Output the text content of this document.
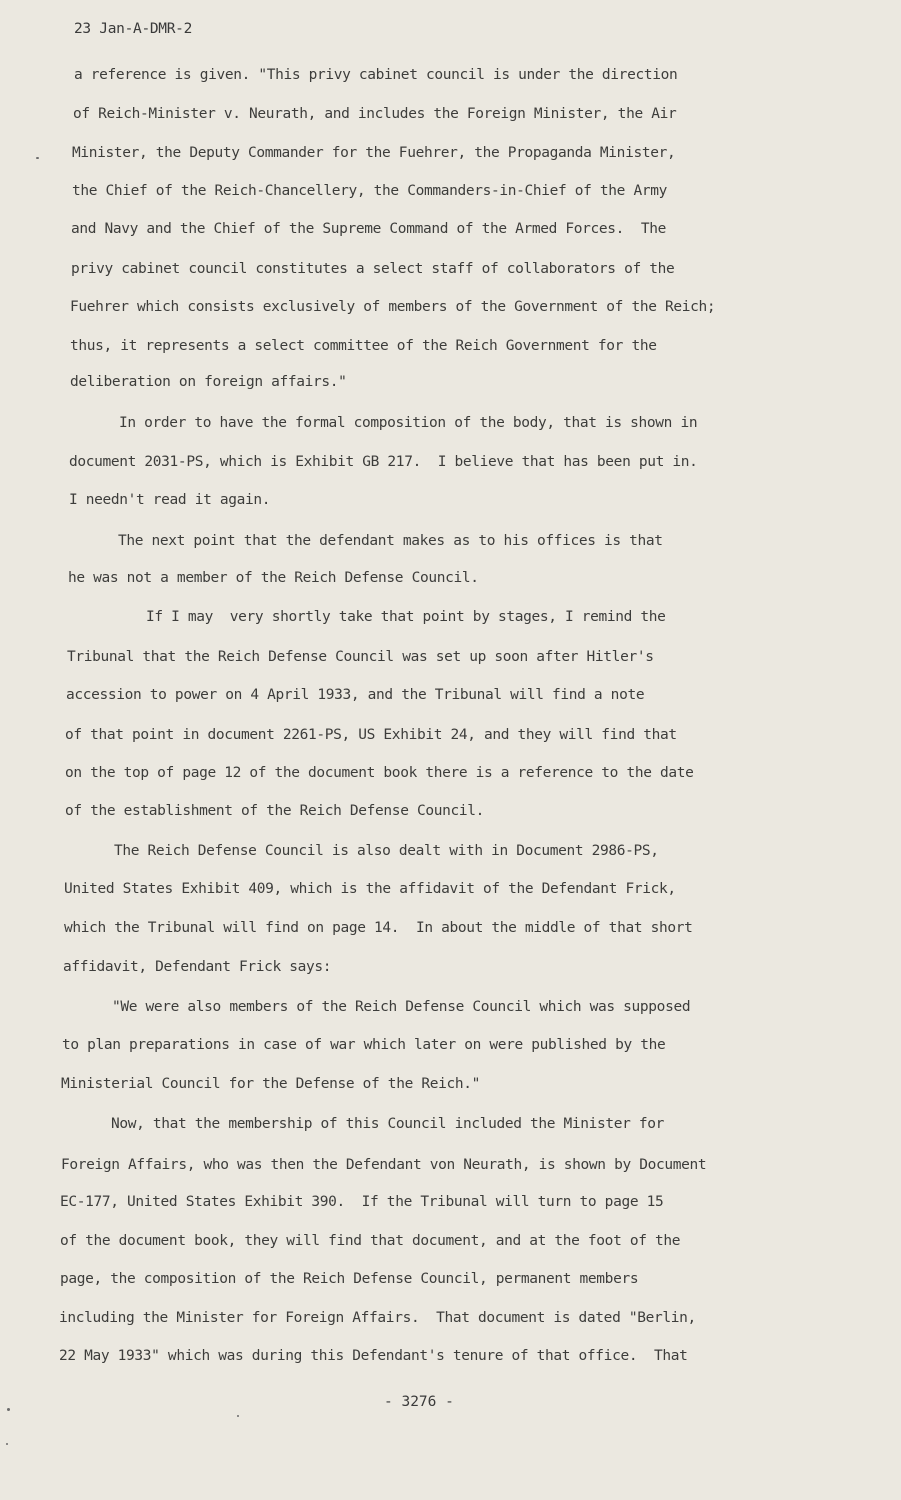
23 Jan-A-DMR-2
a reference is given. "This privy cabinet council is under the direction
of Reich-Minister v. Neurath, and includes the Foreign Minister, the Air
Minister, the Deputy Commander for the Fuehrer, the Propaganda Minister,
the Chief of the Reich-Chancellery, the Commanders-in-Chief of the Army
and Navy and the Chief of the Supreme Command of the Armed Forces.  The
privy cabinet council constitutes a select staff of collaborators of the
Fuehrer which consists exclusively of members of the Government of the Reich;
thus, it represents a select committee of the Reich Government for the
deliberation on foreign affairs."
In order to have the formal composition of the body, that is shown in
document 2031-PS, which is Exhibit GB 217.  I believe that has been put in.
I needn't read it again.
The next point that the defendant makes as to his offices is that
he was not a member of the Reich Defense Council.
If I may  very shortly take that point by stages, I remind the
Tribunal that the Reich Defense Council was set up soon after Hitler's
accession to power on 4 April 1933, and the Tribunal will find a note
of that point in document 2261-PS, US Exhibit 24, and they will find that
on the top of page 12 of the document book there is a reference to the date
of the establishment of the Reich Defense Council.
The Reich Defense Council is also dealt with in Document 2986-PS,
United States Exhibit 409, which is the affidavit of the Defendant Frick,
which the Tribunal will find on page 14.  In about the middle of that short
affidavit, Defendant Frick says:
"We were also members of the Reich Defense Council which was supposed
to plan preparations in case of war which later on were published by the
Ministerial Council for the Defense of the Reich."
Now, that the membership of this Council included the Minister for
Foreign Affairs, who was then the Defendant von Neurath, is shown by Document
EC-177, United States Exhibit 390.  If the Tribunal will turn to page 15
of the document book, they will find that document, and at the foot of the
page, the composition of the Reich Defense Council, permanent members
including the Minister for Foreign Affairs.  That document is dated "Berlin,
22 May 1933" which was during this Defendant's tenure of that office.  That
- 3276 -
